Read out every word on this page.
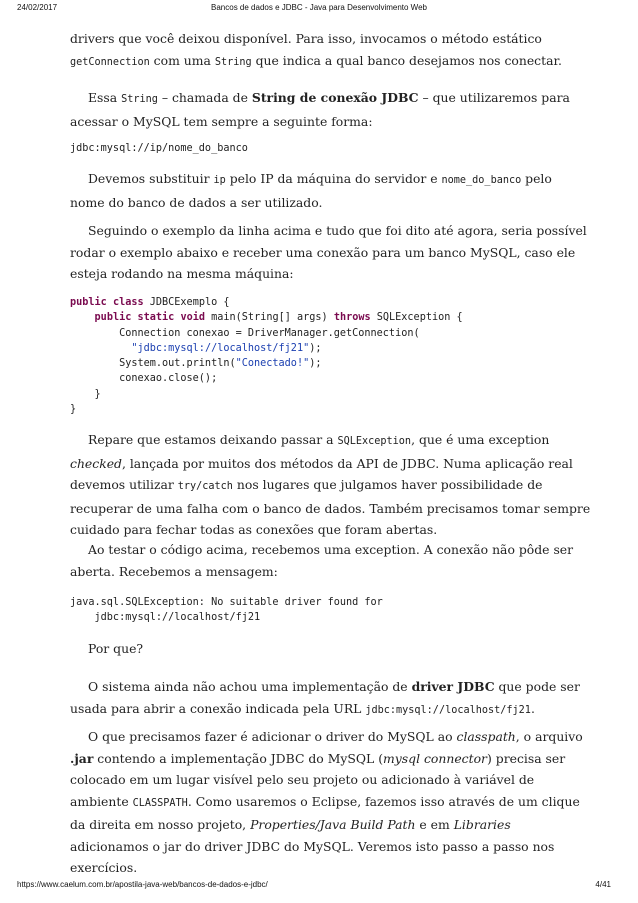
24/02/2017	Bancos de dados e JDBC - Java para Desenvolvimento Web
drivers que você deixou disponível. Para isso, invocamos o método estático
getConnection com uma String que indica a qual banco desejamos nos conectar.
Essa String – chamada de String de conexão JDBC – que utilizaremos para
acessar o MySQL tem sempre a seguinte forma:
jdbc:mysql://ip/nome_do_banco
Devemos substituir ip pelo IP da máquina do servidor e nome_do_banco pelo
nome do banco de dados a ser utilizado.
Seguindo o exemplo da linha acima e tudo que foi dito até agora, seria possível
rodar o exemplo abaixo e receber uma conexão para um banco MySQL, caso ele
esteja rodando na mesma máquina:
public class JDBCExemplo {
public static void main(String[] args) throws SQLException {
Connection conexao = DriverManager.getConnection(
"jdbc:mysql://localhost/fj21");
System.out.println("Conectado!");
conexao.close();
}
}
Repare que estamos deixando passar a SQLException, que é uma exception
checked, lançada por muitos dos métodos da API de JDBC. Numa aplicação real
devemos utilizar try/catch nos lugares que julgamos haver possibilidade de
recuperar de uma falha com o banco de dados. Também precisamos tomar sempre
cuidado para fechar todas as conexões que foram abertas.
Ao testar o código acima, recebemos uma exception. A conexão não pôde ser
aberta. Recebemos a mensagem:
java.sql.SQLException: No suitable driver found for
jdbc:mysql://localhost/fj21
Por que?
O sistema ainda não achou uma implementação de driver JDBC que pode ser
usada para abrir a conexão indicada pela URL jdbc:mysql://localhost/fj21.
O que precisamos fazer é adicionar o driver do MySQL ao classpath, o arquivo
.jar contendo a implementação JDBC do MySQL (mysql connector) precisa ser
colocado em um lugar visível pelo seu projeto ou adicionado à variável de
ambiente CLASSPATH. Como usaremos o Eclipse, fazemos isso através de um clique
da direita em nosso projeto, Properties/Java Build Path e em Libraries
adicionamos o jar do driver JDBC do MySQL. Veremos isto passo a passo nos
exercícios.
https://www.caelum.com.br/apostila-java-web/bancos-de-dados-e-jdbc/	4/41
